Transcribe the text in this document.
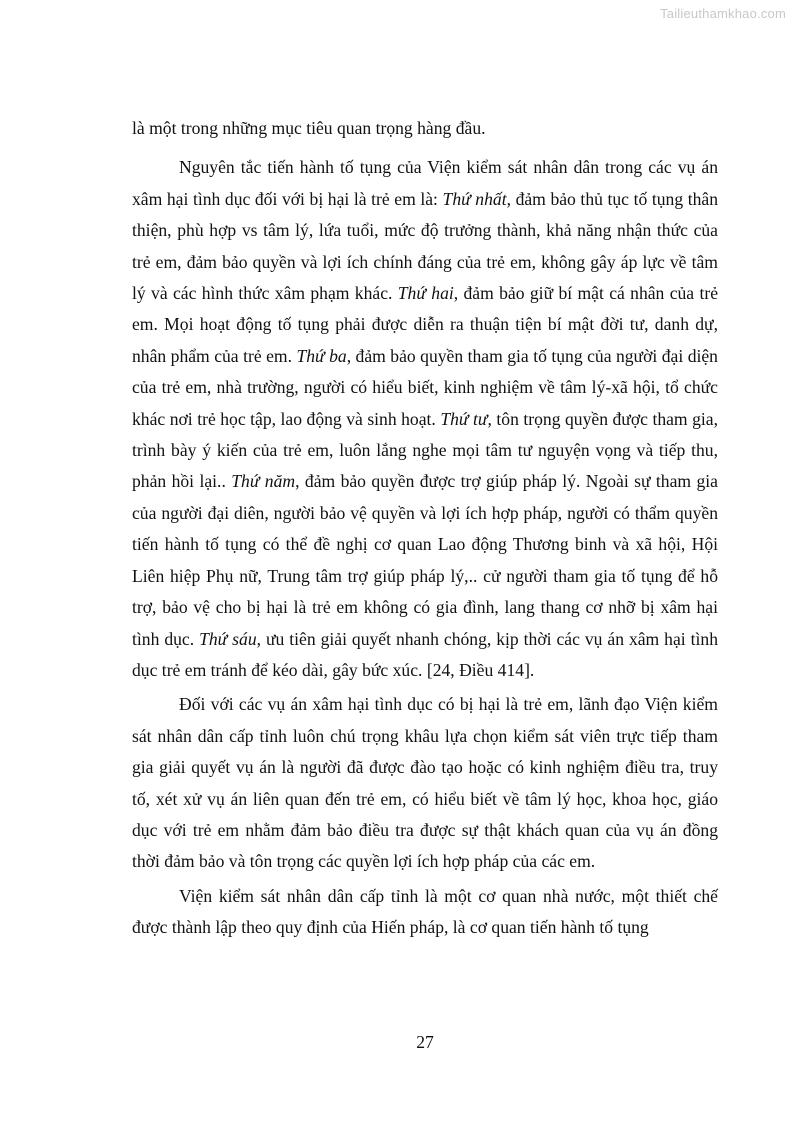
Tailieuthamkhao.com

là một trong những mục tiêu quan trọng hàng đầu.

Nguyên tắc tiến hành tố tụng của Viện kiểm sát nhân dân trong các vụ án xâm hại tình dục đối với bị hại là trẻ em là: Thứ nhất, đảm bảo thủ tục tố tụng thân thiện, phù hợp vs tâm lý, lứa tuổi, mức độ trưởng thành, khả năng nhận thức của trẻ em, đảm bảo quyền và lợi ích chính đáng của trẻ em, không gây áp lực về tâm lý và các hình thức xâm phạm khác. Thứ hai, đảm bảo giữ bí mật cá nhân của trẻ em. Mọi hoạt động tố tụng phải được diễn ra thuận tiện bí mật đời tư, danh dự, nhân phẩm của trẻ em. Thứ ba, đảm bảo quyền tham gia tố tụng của người đại diện của trẻ em, nhà trường, người có hiểu biết, kinh nghiệm về tâm lý-xã hội, tổ chức khác nơi trẻ học tập, lao động và sinh hoạt. Thứ tư, tôn trọng quyền được tham gia, trình bày ý kiến của trẻ em, luôn lắng nghe mọi tâm tư nguyện vọng và tiếp thu, phản hồi lại.. Thứ năm, đảm bảo quyền được trợ giúp pháp lý. Ngoài sự tham gia của người đại diên, người bảo vệ quyền và lợi ích hợp pháp, người có thẩm quyền tiến hành tố tụng có thể đề nghị cơ quan Lao động Thương binh và xã hội, Hội Liên hiệp Phụ nữ, Trung tâm trợ giúp pháp lý,.. cử người tham gia tố tụng để hỗ trợ, bảo vệ cho bị hại là trẻ em không có gia đình, lang thang cơ nhỡ bị xâm hại tình dục. Thứ sáu, ưu tiên giải quyết nhanh chóng, kịp thời các vụ án xâm hại tình dục trẻ em tránh để kéo dài, gây bức xúc. [24, Điều 414].

Đối với các vụ án xâm hại tình dục có bị hại là trẻ em, lãnh đạo Viện kiểm sát nhân dân cấp tỉnh luôn chú trọng khâu lựa chọn kiểm sát viên trực tiếp tham gia giải quyết vụ án là người đã được đào tạo hoặc có kinh nghiệm điều tra, truy tố, xét xử vụ án liên quan đến trẻ em, có hiểu biết về tâm lý học, khoa học, giáo dục với trẻ em nhằm đảm bảo điều tra được sự thật khách quan của vụ án đồng thời đảm bảo và tôn trọng các quyền lợi ích hợp pháp của các em.

Viện kiểm sát nhân dân cấp tỉnh là một cơ quan nhà nước, một thiết chế được thành lập theo quy định của Hiến pháp, là cơ quan tiến hành tố tụng

27
